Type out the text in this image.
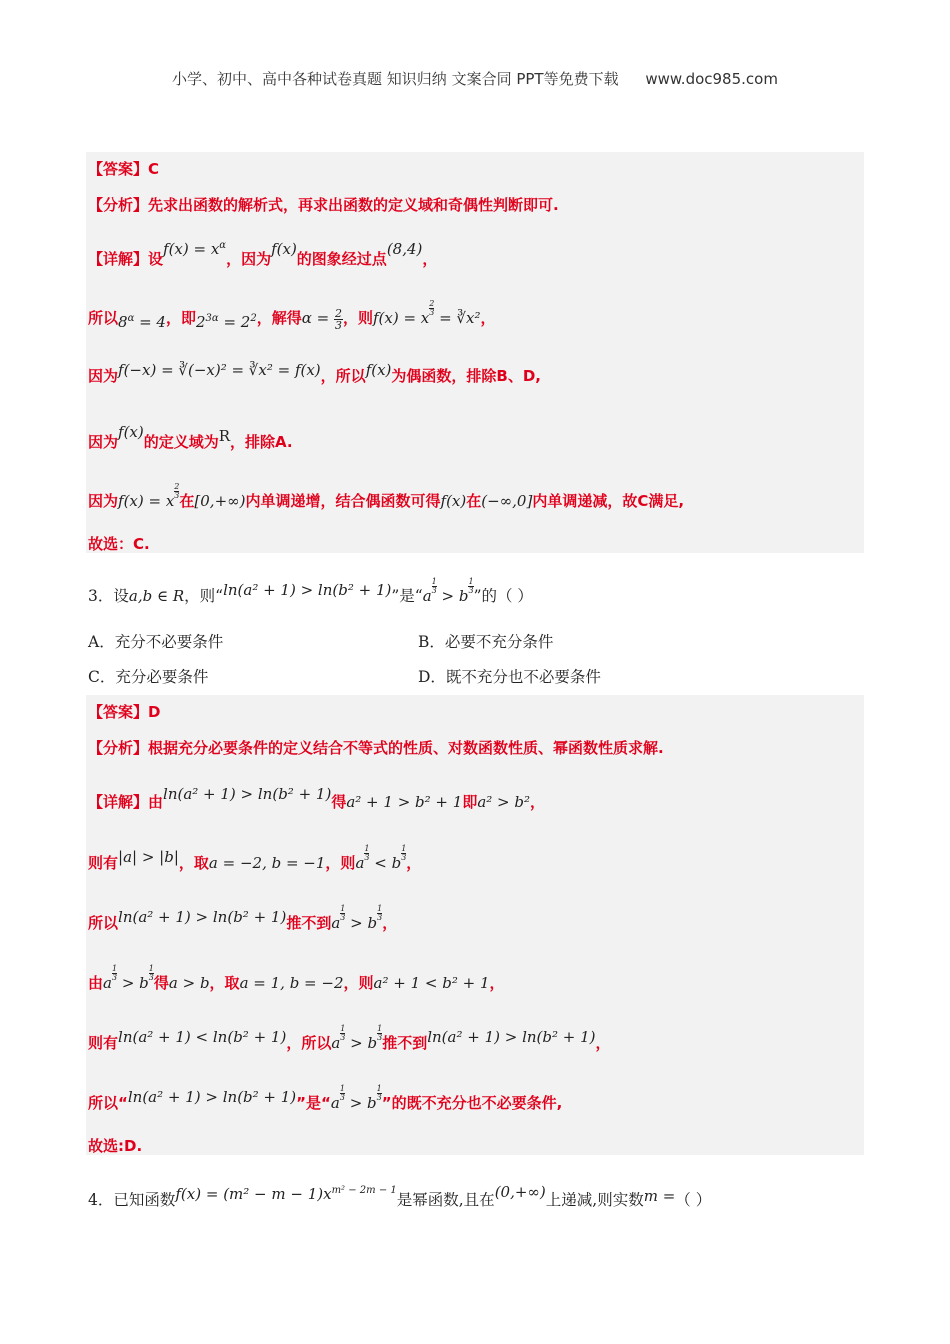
小学、初中、高中各种试卷真题 知识归纳 文案合同 PPT等免费下载 www.doc985.com
【答案】C
【分析】先求出函数的解析式，再求出函数的定义域和奇偶性判断即可.
【详解】设$f(x) = x^\alpha$，因为f(x)的图象经过点(8,4)，
所以$8^\alpha = 4$，即$2^{3\alpha} = 2^2$，解得$\alpha = \frac{2}{3}$ ，则f(x) = x
$\frac{2}{3}$
= ∛x²，
因为f(−x) = ∛(−x)² = ∛x² = f(x)，所以f(x)为偶函数，排除B、D,
因为f(x)的定义域为R，排除A.
因为f(x) = x
$\frac{2}{3}$
在[0,+∞)内单调递增，结合偶函数可得f(x)在(−∞,0]内单调递减，故C满足,
故选：C.
3．设a,b ∈ R，则“ln(a² + 1) > ln(b² + 1)”是“a
$\frac{1}{3}$
> b
$\frac{1}{3}$
”的（ ）
A．充分不必要条件	B．必要不充分条件
C．充分必要条件	D．既不充分也不必要条件
【答案】D
【分析】根据充分必要条件的定义结合不等式的性质、对数函数性质、幂函数性质求解.
【详解】由ln(a² + 1) > ln(b² + 1)得a² + 1 > b² + 1即a² > b²，
则有|a| > |b|，取a = −2, b = −1，则a
$\frac{1}{3}$
< b
$\frac{1}{3}$
，
所以ln(a² + 1) > ln(b² + 1)推不到a
$\frac{1}{3}$
> b
$\frac{1}{3}$
，
由a
$\frac{1}{3}$
> b
$\frac{1}{3}$
得a > b，取a = 1, b = −2，则a² + 1 < b² + 1，
则有ln(a² + 1) < ln(b² + 1)，所以a
$\frac{1}{3}$
> b
$\frac{1}{3}$
推不到ln(a² + 1) > ln(b² + 1)，
所以“ln(a² + 1) > ln(b² + 1)”是“a
$\frac{1}{3}$
> b
$\frac{1}{3}$
”的既不充分也不必要条件,
故选:D.
4．已知函数$f(x) = (m^2 - m - 1)x^{m^2 - 2m - 1}$是幂函数,且在(0,+∞)上递减,则实数m =（ ）
